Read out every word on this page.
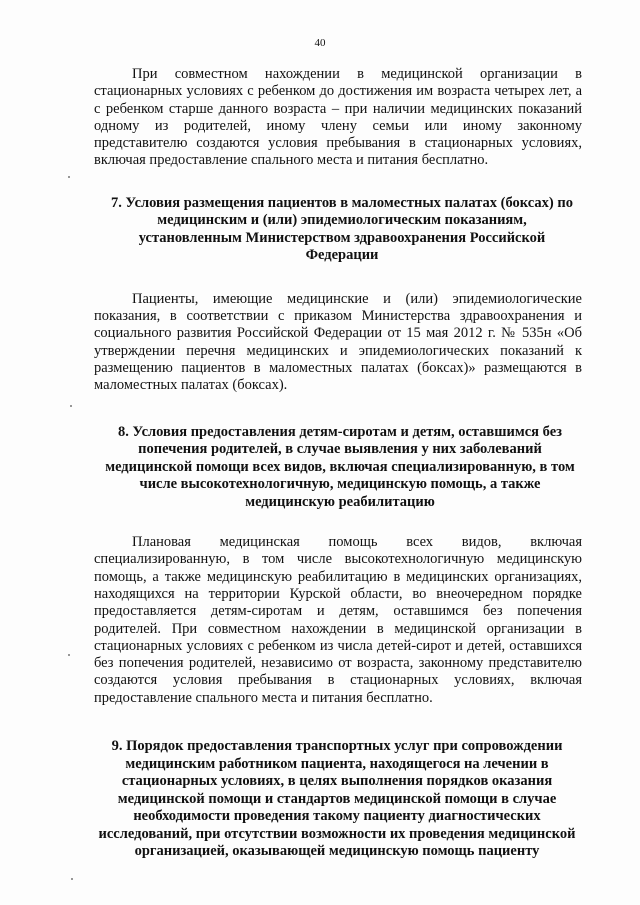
40

При совместном нахождении в медицинской организации в стационарных условиях с ребенком до достижения им возраста четырех лет, а с ребенком старше данного возраста – при наличии медицинских показаний одному из родителей, иному члену семьи или иному законному представителю создаются условия пребывания в стационарных условиях, включая предоставление спального места и питания бесплатно.

7. Условия размещения пациентов в маломестных палатах (боксах) по медицинским и (или) эпидемиологическим показаниям, установленным Министерством здравоохранения Российской Федерации

Пациенты, имеющие медицинские и (или) эпидемиологические показания, в соответствии с приказом Министерства здравоохранения и социального развития Российской Федерации от 15 мая 2012 г. № 535н «Об утверждении перечня медицинских и эпидемиологических показаний к размещению пациентов в маломестных палатах (боксах)» размещаются в маломестных палатах (боксах).

8. Условия предоставления детям-сиротам и детям, оставшимся без попечения родителей, в случае выявления у них заболеваний медицинской помощи всех видов, включая специализированную, в том числе высокотехнологичную, медицинскую помощь, а также медицинскую реабилитацию

Плановая медицинская помощь всех видов, включая специализированную, в том числе высокотехнологичную медицинскую помощь, а также медицинскую реабилитацию в медицинских организациях, находящихся на территории Курской области, во внеочередном порядке предоставляется детям-сиротам и детям, оставшимся без попечения родителей. При совместном нахождении в медицинской организации в стационарных условиях с ребенком из числа детей-сирот и детей, оставшихся без попечения родителей, независимо от возраста, законному представителю создаются условия пребывания в стационарных условиях, включая предоставление спального места и питания бесплатно.

9. Порядок предоставления транспортных услуг при сопровождении медицинским работником пациента, находящегося на лечении в стационарных условиях, в целях выполнения порядков оказания медицинской помощи и стандартов медицинской помощи в случае необходимости проведения такому пациенту диагностических исследований, при отсутствии возможности их проведения медицинской организацией, оказывающей медицинскую помощь пациенту
